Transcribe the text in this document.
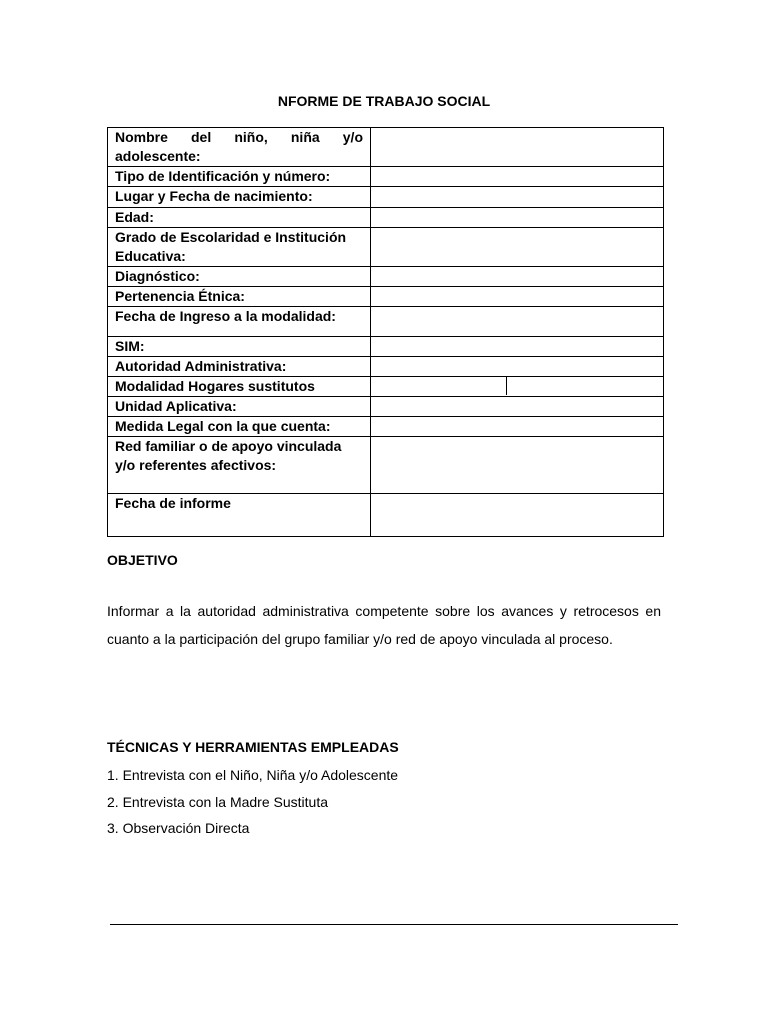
NFORME DE TRABAJO SOCIAL
Nombre del niño, niña y/o adolescente:	
Tipo de Identificación y número:	
Lugar y Fecha de nacimiento:	
Edad:	
Grado de Escolaridad e Institución Educativa:	
Diagnóstico:	
Pertenencia Étnica:	
Fecha de Ingreso a la modalidad:	
SIM:	
Autoridad Administrativa:	
Modalidad Hogares sustitutos	

Unidad Aplicativa:	
Medida Legal con la que cuenta:	
Red familiar o de apoyo vinculada y/o referentes afectivos:	
Fecha de informe	
OBJETIVO

Informar a la autoridad administrativa competente sobre los avances y retrocesos en cuanto a la participación del grupo familiar y/o red de apoyo vinculada al proceso.

TÉCNICAS Y HERRAMIENTAS EMPLEADAS
1. Entrevista con el Niño, Niña y/o Adolescente
2. Entrevista con la Madre Sustituta
3. Observación Directa
